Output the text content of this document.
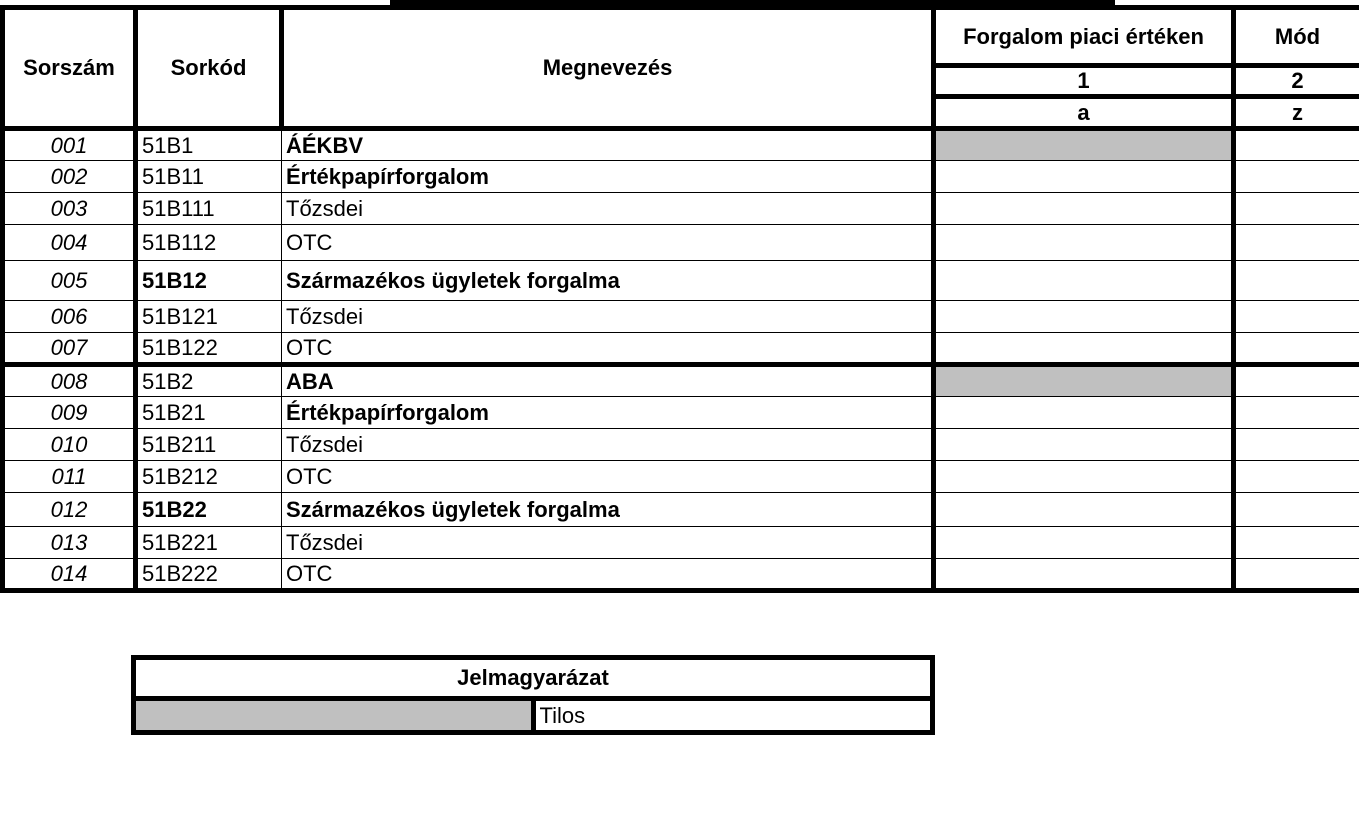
Sorszám	Sorkód	Megnevezés	Forgalom piaci értéken	Mód
			1	2
			a	z
001	51B1	ÁÉKBV		
002	51B11	Értékpapírforgalom		
003	51B111	Tőzsdei		
004	51B112	OTC		
005	51B12	Származékos ügyletek forgalma		
006	51B121	Tőzsdei		
007	51B122	OTC		
008	51B2	ABA		
009	51B21	Értékpapírforgalom		
010	51B211	Tőzsdei		
011	51B212	OTC		
012	51B22	Származékos ügyletek forgalma		
013	51B221	Tőzsdei		
014	51B222	OTC		
Jelmagyarázat
	Tilos
